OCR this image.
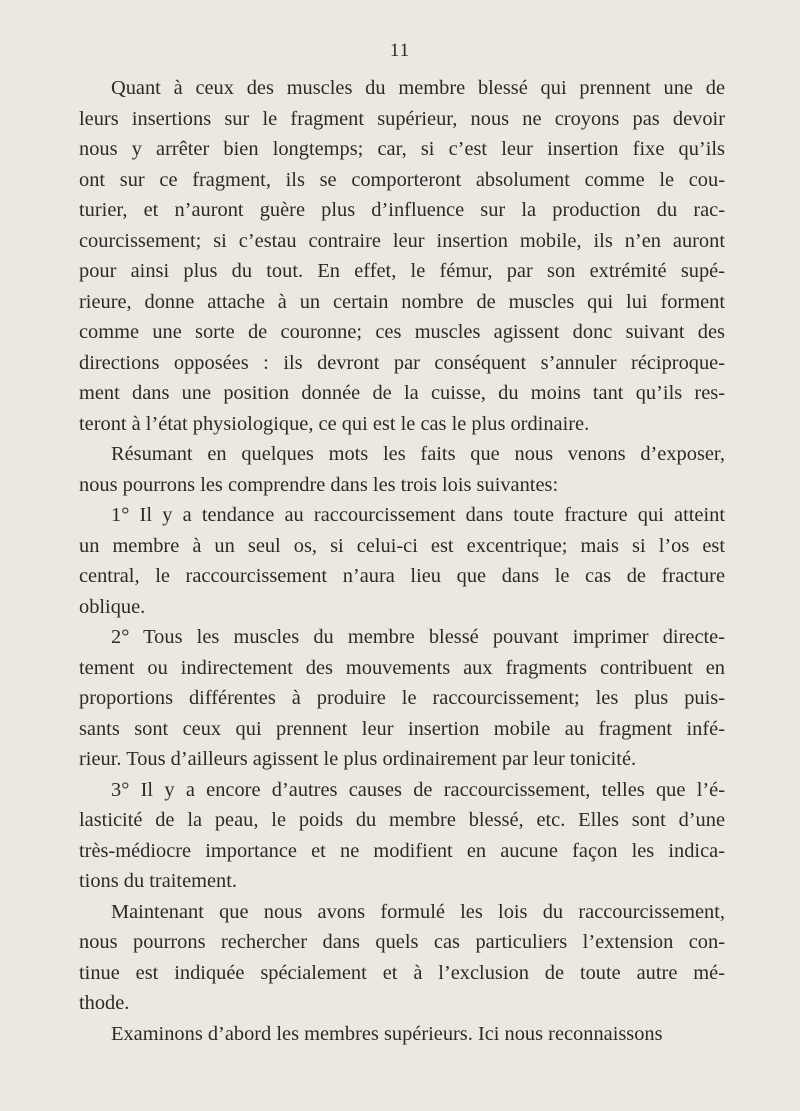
11
Quant à ceux des muscles du membre blessé qui prennent une de
leurs insertions sur le fragment supérieur, nous ne croyons pas devoir
nous y arrêter bien longtemps; car, si c’est leur insertion fixe qu’ils
ont sur ce fragment, ils se comporteront absolument comme le cou-
turier, et n’auront guère plus d’influence sur la production du rac-
courcissement; si c’estau contraire leur insertion mobile, ils n’en auront
pour ainsi plus du tout. En effet, le fémur, par son extrémité supé-
rieure, donne attache à un certain nombre de muscles qui lui forment
comme une sorte de couronne; ces muscles agissent donc suivant des
directions opposées : ils devront par conséquent s’annuler réciproque-
ment dans une position donnée de la cuisse, du moins tant qu’ils res-
teront à l’état physiologique, ce qui est le cas le plus ordinaire.
Résumant en quelques mots les faits que nous venons d’exposer,
nous pourrons les comprendre dans les trois lois suivantes:
1° Il y a tendance au raccourcissement dans toute fracture qui atteint
un membre à un seul os, si celui-ci est excentrique; mais si l’os est
central, le raccourcissement n’aura lieu que dans le cas de fracture
oblique.
2° Tous les muscles du membre blessé pouvant imprimer directe-
tement ou indirectement des mouvements aux fragments contribuent en
proportions différentes à produire le raccourcissement; les plus puis-
sants sont ceux qui prennent leur insertion mobile au fragment infé-
rieur. Tous d’ailleurs agissent le plus ordinairement par leur tonicité.
3° Il y a encore d’autres causes de raccourcissement, telles que l’é-
lasticité de la peau, le poids du membre blessé, etc. Elles sont d’une
très-médiocre importance et ne modifient en aucune façon les indica-
tions du traitement.
Maintenant que nous avons formulé les lois du raccourcissement,
nous pourrons rechercher dans quels cas particuliers l’extension con-
tinue est indiquée spécialement et à l’exclusion de toute autre mé-
thode.
Examinons d’abord les membres supérieurs. Ici nous reconnaissons
